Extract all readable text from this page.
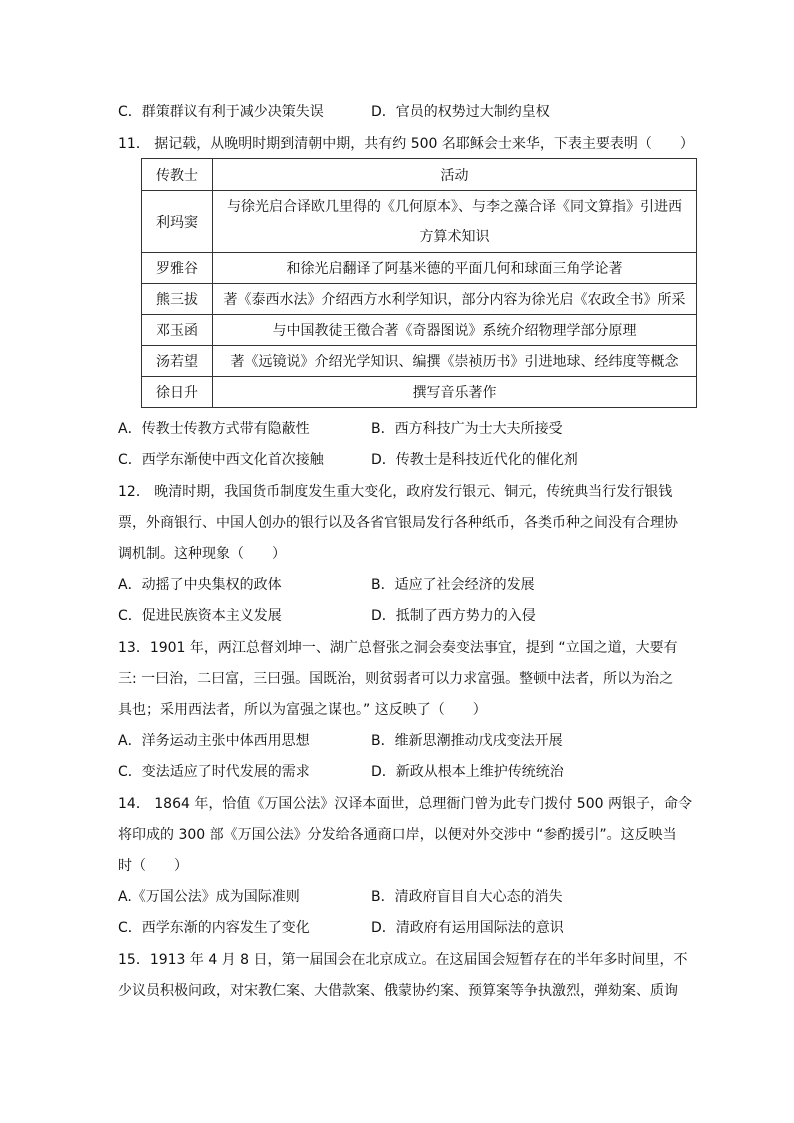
C．群策群议有利于减少决策失误	D．官员的权势过大制约皇权
11． 据记载，从晚明时期到清朝中期，共有约 500 名耶稣会士来华，下表主要表明（　　）
传教士	活动
利玛窦	与徐光启合译欧几里得的《几何原本》、与李之藻合译《同文算指》引进西
方算术知识

罗雅谷	和徐光启翻译了阿基米德的平面几何和球面三角学论著
熊三拔	著《泰西水法》介绍西方水利学知识，部分内容为徐光启《农政全书》所采
邓玉函	与中国教徒王徵合著《奇器图说》系统介绍物理学部分原理
汤若望	著《远镜说》介绍光学知识、编撰《崇祯历书》引进地球、经纬度等概念
徐日升	撰写音乐著作
A．传教士传教方式带有隐蔽性	B．西方科技广为士大夫所接受
C．西学东渐使中西文化首次接触	D．传教士是科技近代化的催化剂
12． 晚清时期，我国货币制度发生重大变化，政府发行银元、铜元，传统典当行发行银钱
票，外商银行、中国人创办的银行以及各省官银局发行各种纸币，各类币种之间没有合理协
调机制。这种现象（　　）
A．动摇了中央集权的政体	B．适应了社会经济的发展
C．促进民族资本主义发展	D．抵制了西方势力的入侵
13．1901 年，两江总督刘坤一、湖广总督张之洞会奏变法事宜，提到 “立国之道，大要有
三: 一曰治，二曰富，三曰强。国既治，则贫弱者可以力求富强。整顿中法者，所以为治之
具也；采用西法者，所以为富强之谋也。” 这反映了（　　）
A．洋务运动主张中体西用思想	B．维新思潮推动戊戌变法开展
C．变法适应了时代发展的需求	D．新政从根本上维护传统统治
14． 1864 年，恰值《万国公法》汉译本面世，总理衙门曾为此专门拨付 500 两银子，命令
将印成的 300 部《万国公法》分发给各通商口岸，以便对外交涉中 “参酌援引”。这反映当
时（　　）
A.《万国公法》成为国际准则	B．清政府盲目自大心态的消失
C．西学东渐的内容发生了变化	D．清政府有运用国际法的意识
15．1913 年 4 月 8 日，第一届国会在北京成立。在这届国会短暂存在的半年多时间里，不
少议员积极问政，对宋教仁案、大借款案、俄蒙协约案、预算案等争执激烈，弹劾案、质询
